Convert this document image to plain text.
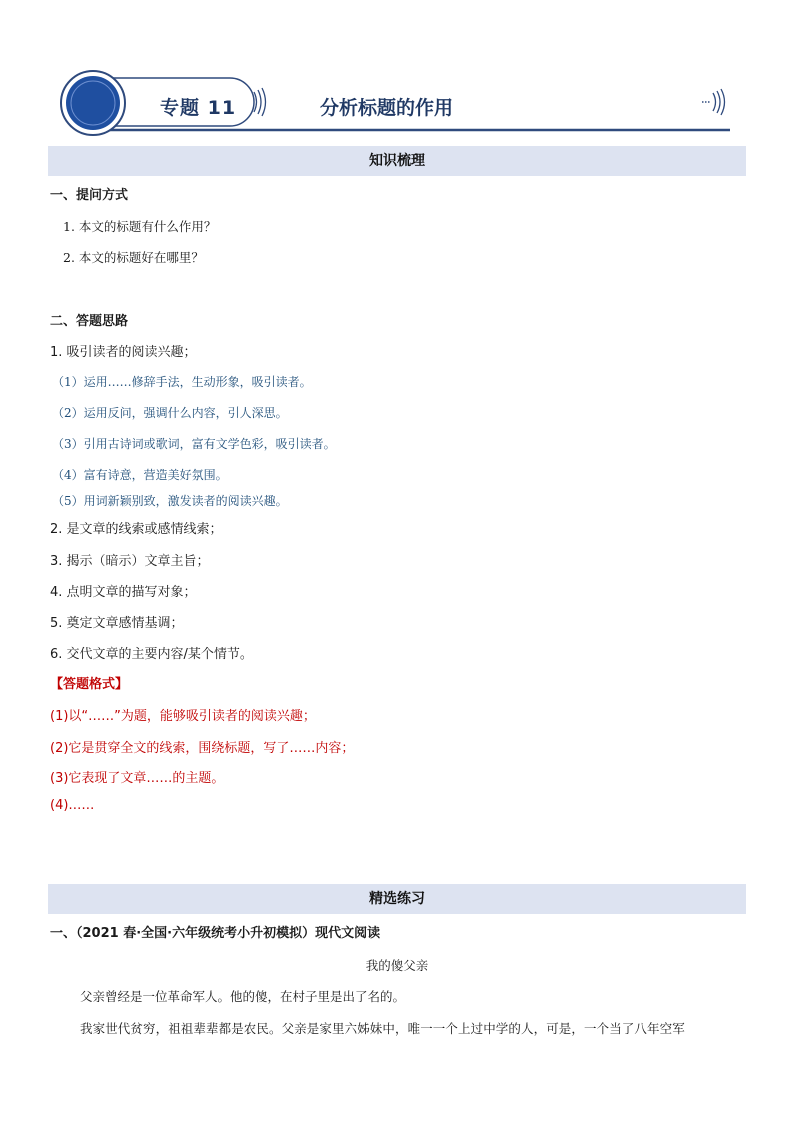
专题 11	分析标题的作用
知识梳理
一、提问方式
1. 本文的标题有什么作用？
2. 本文的标题好在哪里？
二、答题思路
1. 吸引读者的阅读兴趣；
（1）运用……修辞手法，生动形象，吸引读者。
（2）运用反问，强调什么内容，引人深思。
（3）引用古诗词或歌词，富有文学色彩，吸引读者。
（4）富有诗意，营造美好氛围。
（5）用词新颖别致，激发读者的阅读兴趣。
2. 是文章的线索或感情线索；
3. 揭示（暗示）文章主旨；
4. 点明文章的描写对象；
5. 奠定文章感情基调；
6. 交代文章的主要内容/某个情节。
【答题格式】
(1)以“……”为题，能够吸引读者的阅读兴趣；
(2)它是贯穿全文的线索，围绕标题，写了……内容；
(3)它表现了文章……的主题。
(4)……
精选练习
一、（2021 春·全国·六年级统考小升初模拟）现代文阅读
我的傻父亲
父亲曾经是一位革命军人。他的傻，在村子里是出了名的。
我家世代贫穷，祖祖辈辈都是农民。父亲是家里六姊妹中，唯一一个上过中学的人，可是，一个当了八年空军
